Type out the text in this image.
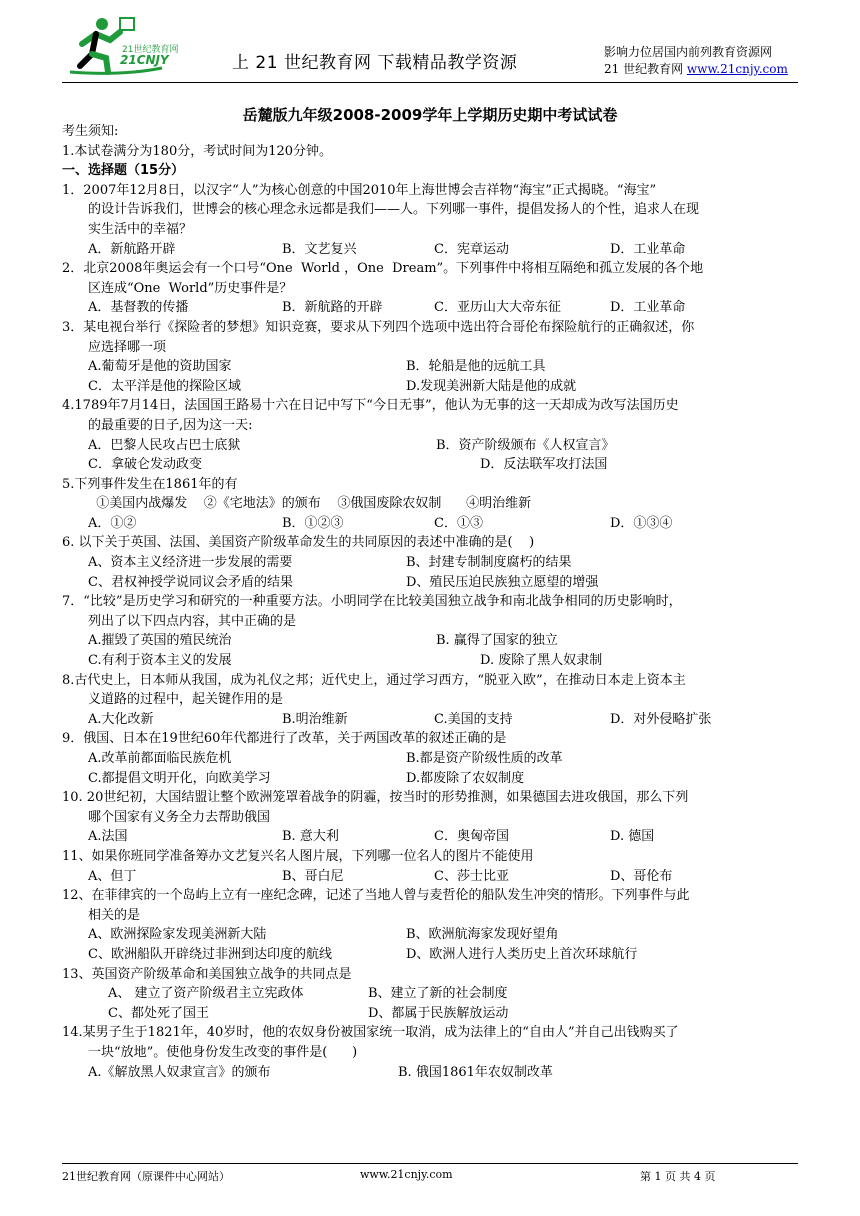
21世纪教育网
21CNJY	上 21 世纪教育网 下载精品教学资源
影响力位居国内前列教育资源网
21 世纪教育网 www.21cnjy.com
岳麓版九年级2008-2009学年上学期历史期中考试试卷

考生须知:

1.本试卷满分为180分，考试时间为120分钟。

一、选择题（15分）

1．2007年12月8日，以汉字“人”为核心创意的中国2010年上海世博会吉祥物“海宝”正式揭晓。“海宝”

的设计告诉我们，世博会的核心理念永远都是我们——人。下列哪一事件，提倡发扬人的个性，追求人在现

实生活中的幸福？

A．新航路开辟	B．文艺复兴	C．宪章运动	D．工业革命

2．北京2008年奥运会有一个口号“One  World ，One  Dream”。下列事件中将相互隔绝和孤立发展的各个地

区连成“One  World”历史事件是？

A．基督教的传播	B．新航路的开辟	C．亚历山大大帝东征	D．工业革命

3．某电视台举行《探险者的梦想》知识竞赛，要求从下列四个选项中选出符合哥伦布探险航行的正确叙述，你

应选择哪一项

A.葡萄牙是他的资助国家	B．轮船是他的远航工具
C．太平洋是他的探险区域	D.发现美洲新大陆是他的成就

4.1789年7月14日，法国国王路易十六在日记中写下“今日无事”，他认为无事的这一天却成为改写法国历史

的最重要的日子,因为这一天:

A．巴黎人民攻占巴士底狱	B．资产阶级颁布《人权宣言》
C．拿破仑发动政变	D．反法联军攻打法国

5.下列事件发生在1861年的有

①美国内战爆发    ②《宅地法》的颁布    ③俄国废除农奴制      ④明治维新

A．①②	B．①②③	C．①③	D．①③④

6. 以下关于英国、法国、美国资产阶级革命发生的共同原因的表述中准确的是(    )

A、资本主义经济进一步发展的需要	B、封建专制制度腐朽的结果
C、君权神授学说同议会矛盾的结果	D、殖民压迫民族独立愿望的增强

7．“比较”是历史学习和研究的一种重要方法。小明同学在比较美国独立战争和南北战争相同的历史影响时，

列出了以下四点内容，其中正确的是

A.摧毁了英国的殖民统治	B. 赢得了国家的独立
C.有利于资本主义的发展	D. 废除了黑人奴隶制

8.古代史上，日本师从我国，成为礼仪之邦；近代史上，通过学习西方，“脱亚入欧”，在推动日本走上资本主

义道路的过程中，起关键作用的是

A.大化改新	B.明治维新	C.美国的支持	D．对外侵略扩张

9．俄国、日本在19世纪60年代都进行了改革，关于两国改革的叙述正确的是

A.改革前都面临民族危机	B.都是资产阶级性质的改革
C.都提倡文明开化，向欧美学习	D.都废除了农奴制度

10. 20世纪初，大国结盟让整个欧洲笼罩着战争的阴霾，按当时的形势推测，如果德国去进攻俄国，那么下列

哪个国家有义务全力去帮助俄国

A.法国	B. 意大利	C．奥匈帝国	D. 德国

11、如果你班同学准备筹办文艺复兴名人图片展，下列哪一位名人的图片不能使用

A、但丁	B、哥白尼	C、莎士比亚	D、哥伦布

12、在菲律宾的一个岛屿上立有一座纪念碑，记述了当地人曾与麦哲伦的船队发生冲突的情形。下列事件与此

相关的是

A、欧洲探险家发现美洲新大陆	B、欧洲航海家发现好望角
C、欧洲船队开辟绕过非洲到达印度的航线	D、欧洲人进行人类历史上首次环球航行

13、英国资产阶级革命和美国独立战争的共同点是

A、 建立了资产阶级君主立宪政体	B、建立了新的社会制度
C、都处死了国王	D、都属于民族解放运动

14.某男子生于1821年，40岁时，他的农奴身份被国家统一取消，成为法律上的“自由人”并自己出钱购买了

一块“放地”。使他身份发生改变的事件是(      )

A.《解放黑人奴隶宣言》的颁布	B. 俄国1861年农奴制改革
21世纪教育网（原课件中心网站）	www.21cnjy.com	第 1 页 共 4 页
